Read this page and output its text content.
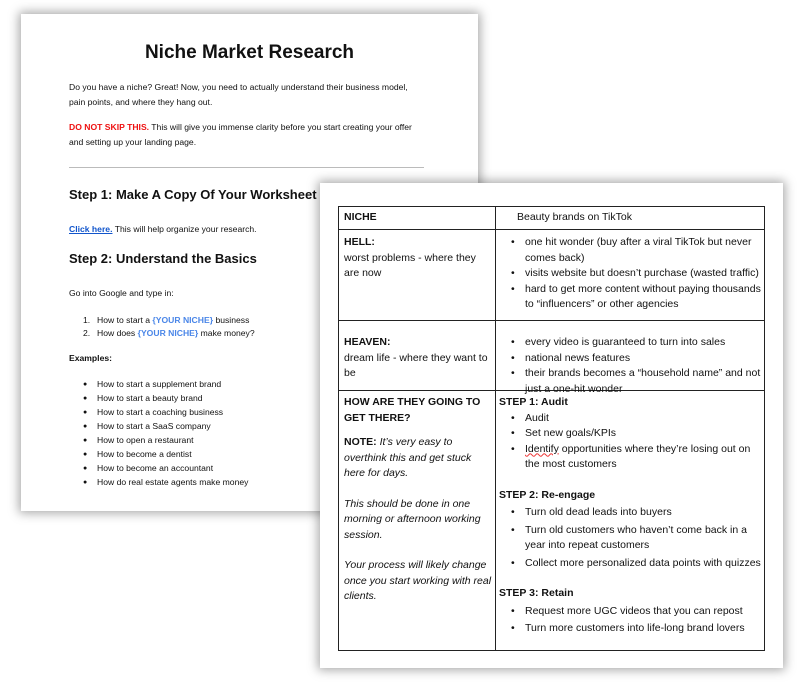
Niche Market Research
Do you have a niche? Great! Now, you need to actually understand their business model,
pain points, and where they hang out.
DO NOT SKIP THIS. This will give you immense clarity before you start creating your offer
and setting up your landing page.
Step 1: Make A Copy Of Your Worksheet
Click here. This will help organize your research.
Step 2: Understand the Basics
Go into Google and type in:
1. How to start a {YOUR NICHE} business
2. How does {YOUR NICHE} make money?
Examples:
● How to start a supplement brand
● How to start a beauty brand
● How to start a coaching business
● How to start a SaaS company
● How to open a restaurant
● How to become a dentist
● How to become an accountant
● How do real estate agents make money
NICHE	Beauty brands on TikTok
HELL:
worst problems - where they are now
• one hit wonder (buy after a viral TikTok but never comes back)
• visits website but doesn’t purchase (wasted traffic)
• hard to get more content without paying thousands to “influencers” or other agencies
HEAVEN:
dream life - where they want to be
• every video is guaranteed to turn into sales
• national news features
• their brands becomes a “household name” and not just a one-hit wonder
HOW ARE THEY GOING TO GET THERE?
NOTE: It’s very easy to overthink this and get stuck here for days.
This should be done in one morning or afternoon working session.
Your process will likely change once you start working with real clients.
STEP 1: Audit
• Audit
• Set new goals/KPIs
• Identify opportunities where they’re losing out on the most customers
STEP 2: Re-engage
• Turn old dead leads into buyers
• Turn old customers who haven’t come back in a year into repeat customers
• Collect more personalized data points with quizzes
STEP 3: Retain
• Request more UGC videos that you can repost
• Turn more customers into life-long brand lovers
